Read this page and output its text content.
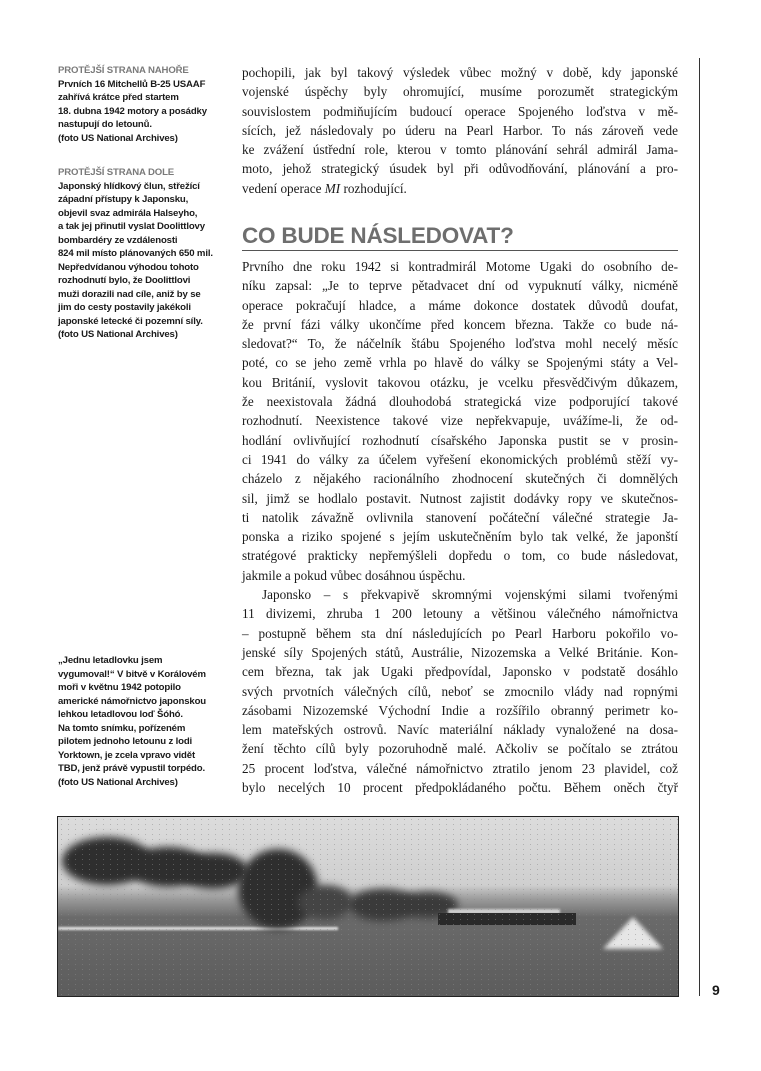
PROTĚJŠÍ STRANA NAHOŘE
Prvních 16 Mitchellů B-25 USAAF
zahřívá krátce před startem
18. dubna 1942 motory a posádky
nastupují do letounů.
(foto US National Archives)
PROTĚJŠÍ STRANA DOLE
Japonský hlídkový člun, střežící
západní přístupy k Japonsku,
objevil svaz admirála Halseyho,
a tak jej přinutil vyslat Doolittlovy
bombardéry ze vzdálenosti
824 mil místo plánovaných 650 mil.
Nepředvídanou výhodou tohoto
rozhodnutí bylo, že Doolittlovi
muži dorazili nad cíle, aniž by se
jim do cesty postavily jakékoli
japonské letecké či pozemní síly.
(foto US National Archives)
„Jednu letadlovku jsem
vygumoval!“ V bitvě v Korálovém
moři v květnu 1942 potopilo
americké námořnictvo japonskou
lehkou letadlovou loď Šóhó.
Na tomto snímku, pořízeném
pilotem jednoho letounu z lodi
Yorktown, je zcela vpravo vidět
TBD, jenž právě vypustil torpédo.
(foto US National Archives)
pochopili, jak byl takový výsledek vůbec možný v době, kdy japonské
vojenské úspěchy byly ohromující, musíme porozumět strategickým
souvislostem podmiňujícím budoucí operace Spojeného loďstva v mě-
sících, jež následovaly po úderu na Pearl Harbor. To nás zároveň vede
ke zvážení ústřední role, kterou v tomto plánování sehrál admirál Jama-
moto, jehož strategický úsudek byl při odůvodňování, plánování a pro-
vedení operace MI rozhodující.
CO BUDE NÁSLEDOVAT?
Prvního dne roku 1942 si kontradmirál Motome Ugaki do osobního de-
níku zapsal: „Je to teprve pětadvacet dní od vypuknutí války, nicméně
operace pokračují hladce, a máme dokonce dostatek důvodů doufat,
že první fázi války ukončíme před koncem března. Takže co bude ná-
sledovat?“ To, že náčelník štábu Spojeného loďstva mohl necelý měsíc
poté, co se jeho země vrhla po hlavě do války se Spojenými státy a Vel-
kou Británií, vyslovit takovou otázku, je vcelku přesvědčivým důkazem,
že neexistovala žádná dlouhodobá strategická vize podporující takové
rozhodnutí. Neexistence takové vize nepřekvapuje, uvážíme-li, že od-
hodlání ovlivňující rozhodnutí císařského Japonska pustit se v prosin-
ci 1941 do války za účelem vyřešení ekonomických problémů stěží vy-
cházelo z nějakého racionálního zhodnocení skutečných či domnělých
sil, jimž se hodlalo postavit. Nutnost zajistit dodávky ropy ve skutečnos-
ti natolik závažně ovlivnila stanovení počáteční válečné strategie Ja-
ponska a riziko spojené s jejím uskutečněním bylo tak velké, že japonští
stratégové prakticky nepřemýšleli dopředu o tom, co bude následovat,
jakmile a pokud vůbec dosáhnou úspěchu.
Japonsko – s překvapivě skromnými vojenskými silami tvořenými
11 divizemi, zhruba 1 200 letouny a většinou válečného námořnictva
– postupně během sta dní následujících po Pearl Harboru pokořilo vo-
jenské síly Spojených států, Austrálie, Nizozemska a Velké Británie. Kon-
cem března, tak jak Ugaki předpovídal, Japonsko v podstatě dosáhlo
svých prvotních válečných cílů, neboť se zmocnilo vlády nad ropnými
zásobami Nizozemské Východní Indie a rozšířilo obranný perimetr ko-
lem mateřských ostrovů. Navíc materiální náklady vynaložené na dosa-
žení těchto cílů byly pozoruhodně malé. Ačkoliv se počítalo se ztrátou
25 procent loďstva, válečné námořnictvo ztratilo jenom 23 plavidel, což
bylo necelých 10 procent předpokládaného počtu. Během oněch čtyř
9
